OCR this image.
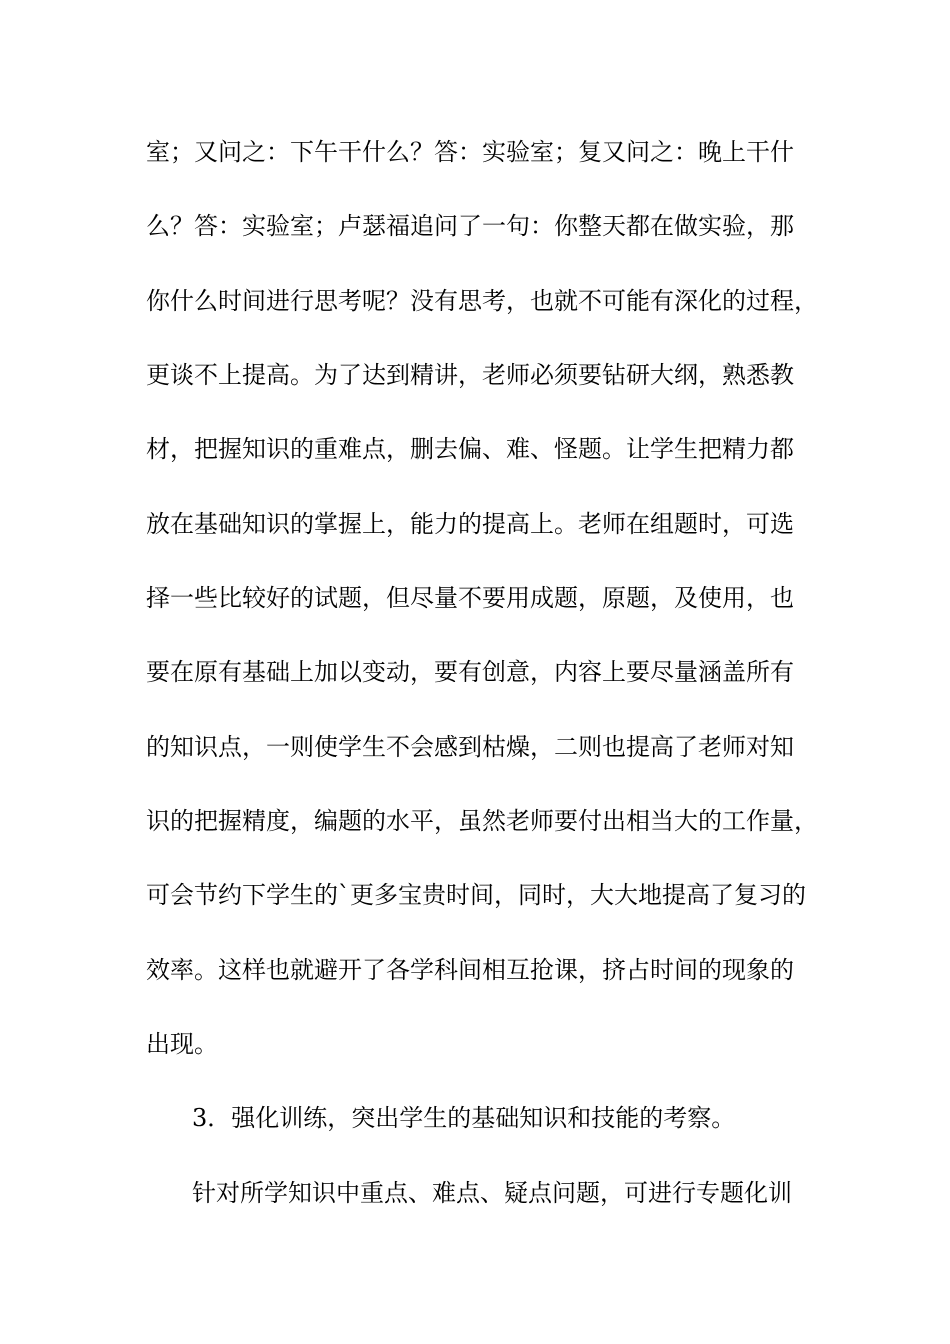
室；又问之：下午干什么？答：实验室；复又问之：晚上干什
么？答：实验室；卢瑟福追问了一句：你整天都在做实验，那
你什么时间进行思考呢？没有思考，也就不可能有深化的过程，
更谈不上提高。为了达到精讲，老师必须要钻研大纲，熟悉教
材，把握知识的重难点，删去偏、难、怪题。让学生把精力都
放在基础知识的掌握上，能力的提高上。老师在组题时，可选
择一些比较好的试题，但尽量不要用成题，原题，及使用，也
要在原有基础上加以变动，要有创意，内容上要尽量涵盖所有
的知识点，一则使学生不会感到枯燥，二则也提高了老师对知
识的把握精度，编题的水平，虽然老师要付出相当大的工作量，
可会节约下学生的`更多宝贵时间，同时，大大地提高了复习的
效率。这样也就避开了各学科间相互抢课，挤占时间的现象的
出现。
3．强化训练，突出学生的基础知识和技能的考察。
针对所学知识中重点、难点、疑点问题，可进行专题化训
